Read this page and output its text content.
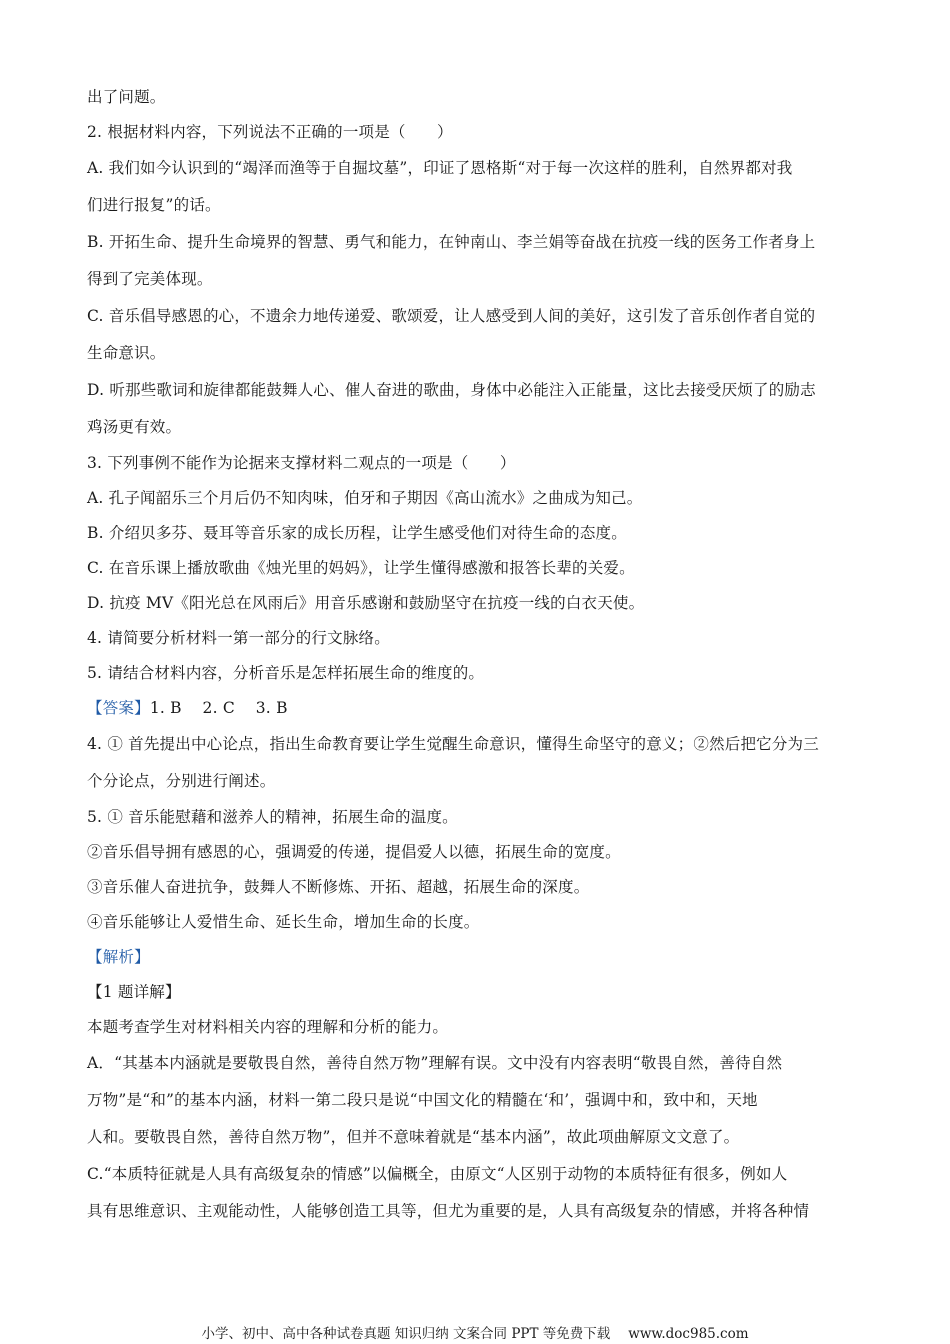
出了问题。
2. 根据材料内容，下列说法不正确的一项是（　　）
A. 我们如今认识到的“竭泽而渔等于自掘坟墓”，印证了恩格斯“对于每一次这样的胜利，自然界都对我
们进行报复”的话。
B. 开拓生命、提升生命境界的智慧、勇气和能力，在钟南山、李兰娟等奋战在抗疫一线的医务工作者身上
得到了完美体现。
C. 音乐倡导感恩的心，不遗余力地传递爱、歌颂爱，让人感受到人间的美好，这引发了音乐创作者自觉的
生命意识。
D. 听那些歌词和旋律都能鼓舞人心、催人奋进的歌曲，身体中必能注入正能量，这比去接受厌烦了的励志
鸡汤更有效。
3. 下列事例不能作为论据来支撑材料二观点的一项是（　　）
A. 孔子闻韶乐三个月后仍不知肉味，伯牙和子期因《高山流水》之曲成为知己。
B. 介绍贝多芬、聂耳等音乐家的成长历程，让学生感受他们对待生命的态度。
C. 在音乐课上播放歌曲《烛光里的妈妈》，让学生懂得感激和报答长辈的关爱。
D. 抗疫 MV《阳光总在风雨后》用音乐感谢和鼓励坚守在抗疫一线的白衣天使。
4. 请简要分析材料一第一部分的行文脉络。
5. 请结合材料内容，分析音乐是怎样拓展生命的维度的。
【答案】1. B　 2. C　 3. B
4. ① 首先提出中心论点，指出生命教育要让学生觉醒生命意识，懂得生命坚守的意义；②然后把它分为三
个分论点，分别进行阐述。
5. ① 音乐能慰藉和滋养人的精神，拓展生命的温度。
②音乐倡导拥有感恩的心，强调爱的传递，提倡爱人以德，拓展生命的宽度。
③音乐催人奋进抗争，鼓舞人不断修炼、开拓、超越，拓展生命的深度。
④音乐能够让人爱惜生命、延长生命，增加生命的长度。
【解析】
【1 题详解】
本题考查学生对材料相关内容的理解和分析的能力。
A．“其基本内涵就是要敬畏自然，善待自然万物”理解有误。文中没有内容表明“敬畏自然，善待自然
万物”是“和”的基本内涵，材料一第二段只是说“中国文化的精髓在‘和’，强调中和，致中和，天地
人和。要敬畏自然，善待自然万物”，但并不意味着就是“基本内涵”，故此项曲解原文文意了。
C.“本质特征就是人具有高级复杂的情感”以偏概全，由原文“人区别于动物的本质特征有很多，例如人
具有思维意识、主观能动性，人能够创造工具等，但尤为重要的是，人具有高级复杂的情感，并将各种情
小学、初中、高中各种试卷真题 知识归纳 文案合同 PPT 等免费下载 www.doc985.com
